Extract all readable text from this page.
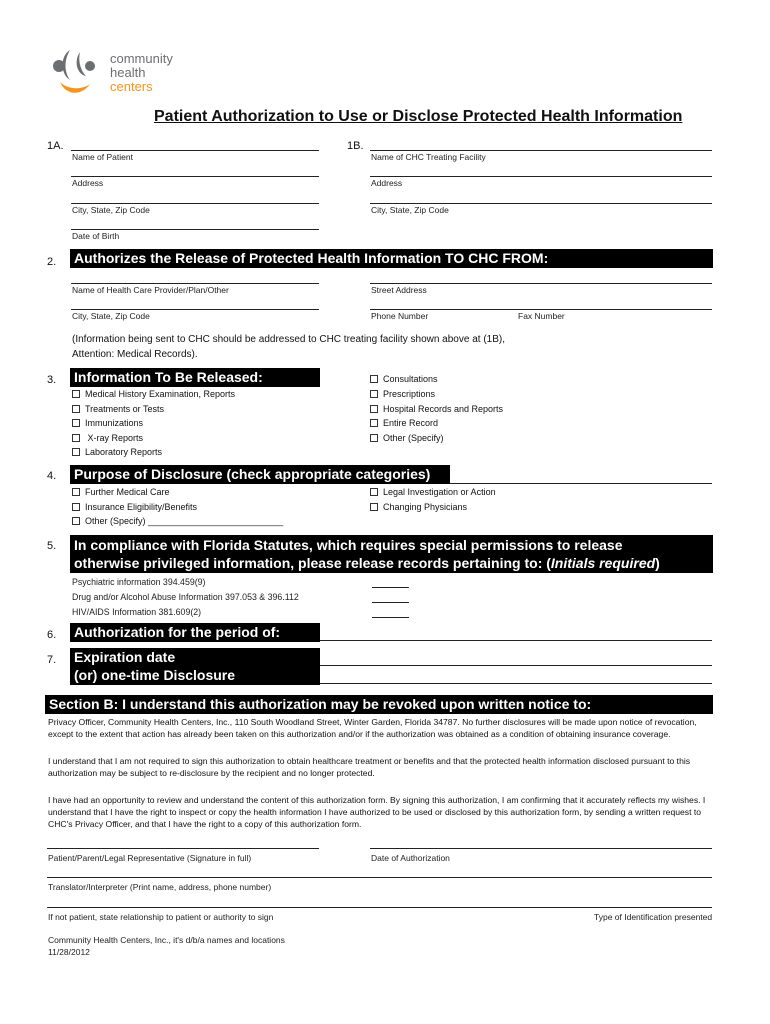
community
health
centers
Patient Authorization to Use or Disclose Protected Health Information
1A.	1B.
Name of Patient	Name of CHC Treating Facility
Address	Address
City, State, Zip Code	City, State, Zip Code
Date of Birth
2. Authorizes the Release of Protected Health Information TO CHC FROM:
Name of Health Care Provider/Plan/Other	Street Address
City, State, Zip Code	Phone Number	Fax Number
(Information being sent to CHC should be addressed to CHC treating facility shown above at (1B),
Attention: Medical Records).
3. Information To Be Released:
Medical History Examination, Reports
Treatments or Tests
Immunizations
X-ray Reports
Laboratory Reports
Consultations
Prescriptions
Hospital Records and Reports
Entire Record
Other (Specify)
4. Purpose of Disclosure (check appropriate categories)
Further Medical Care
Insurance Eligibility/Benefits
Other (Specify) ___________________________
Legal Investigation or Action
Changing Physicians
5. In compliance with Florida Statutes, which requires special permissions to release
otherwise privileged information, please release records pertaining to: (Initials required)
Psychiatric information 394.459(9)
Drug and/or Alcohol Abuse Information 397.053 & 396.112
HIV/AIDS Information 381.609(2)
6. Authorization for the period of:
7. Expiration date
(or) one-time Disclosure
Section B: I understand this authorization may be revoked upon written notice to:
Privacy Officer, Community Health Centers, Inc., 110 South Woodland Street, Winter Garden, Florida 34787. No further disclosures will be made upon notice of revocation, except to the extent that action has already been taken on this authorization and/or if the authorization was obtained as a condition of obtaining insurance coverage.
I understand that I am not required to sign this authorization to obtain healthcare treatment or benefits and that the protected health information disclosed pursuant to this authorization may be subject to re-disclosure by the recipient and no longer protected.
I have had an opportunity to review and understand the content of this authorization form. By signing this authorization, I am confirming that it accurately reflects my wishes. I understand that I have the right to inspect or copy the health information I have authorized to be used or disclosed by this authorization form, by sending a written request to CHC's Privacy Officer, and that I have the right to a copy of this authorization form.
Patient/Parent/Legal Representative (Signature in full)	Date of Authorization
Translator/Interpreter (Print name, address, phone number)
If not patient, state relationship to patient or authority to sign	Type of Identification presented
Community Health Centers, Inc., it's d/b/a names and locations
11/28/2012
